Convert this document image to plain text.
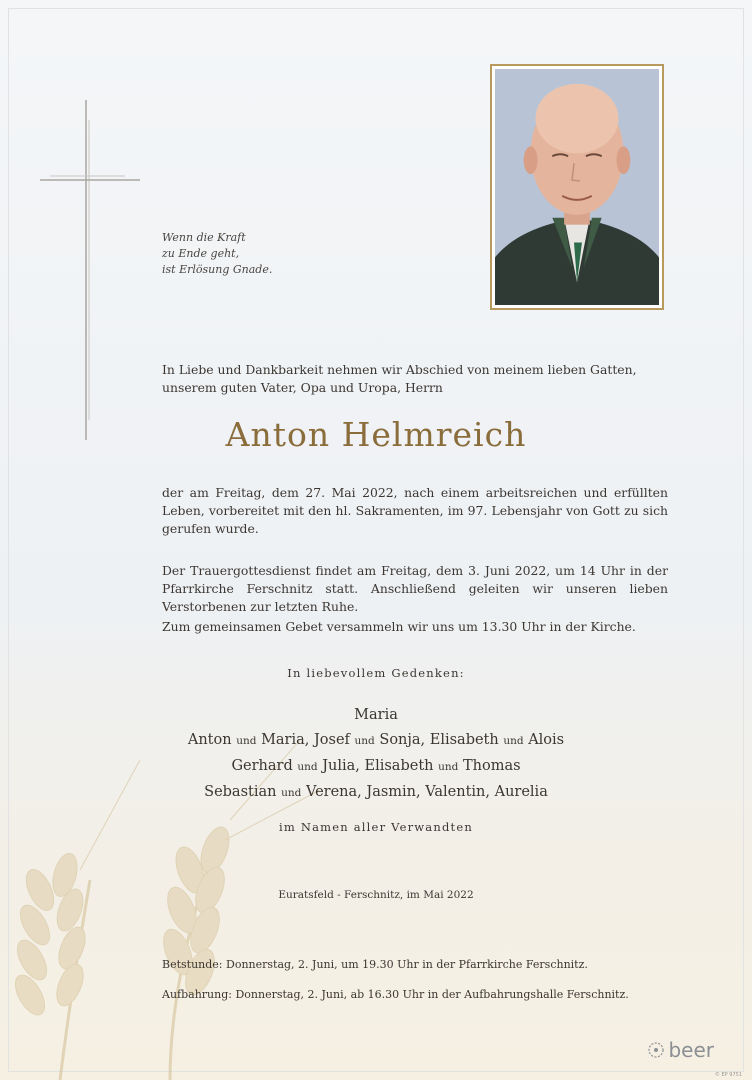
Wenn die Kraft
zu Ende geht,
ist Erlösung Gnade.
In Liebe und Dankbarkeit nehmen wir Abschied von meinem lieben Gatten,
unserem guten Vater, Opa und Uropa, Herrn
Anton Helmreich
der am Freitag, dem 27. Mai 2022, nach einem arbeitsreichen und erfüllten Leben, vorbereitet mit den hl. Sakramenten, im 97. Lebensjahr von Gott zu sich gerufen wurde.
Der Trauergottesdienst findet am Freitag, dem 3. Juni 2022, um 14 Uhr in der Pfarrkirche Ferschnitz statt. Anschließend geleiten wir unseren lieben Verstorbenen zur letzten Ruhe.
Zum gemeinsamen Gebet versammeln wir uns um 13.30 Uhr in der Kirche.
In liebevollem Gedenken:
Maria
Anton und Maria, Josef und Sonja, Elisabeth und Alois
Gerhard und Julia, Elisabeth und Thomas
Sebastian und Verena, Jasmin, Valentin, Aurelia
im Namen aller Verwandten
Euratsfeld - Ferschnitz, im Mai 2022
Betstunde: Donnerstag, 2. Juni, um 19.30 Uhr in der Pfarrkirche Ferschnitz.
Aufbahrung: Donnerstag, 2. Juni, ab 16.30 Uhr in der Aufbahrungshalle Ferschnitz.
beer
© EP 9751
